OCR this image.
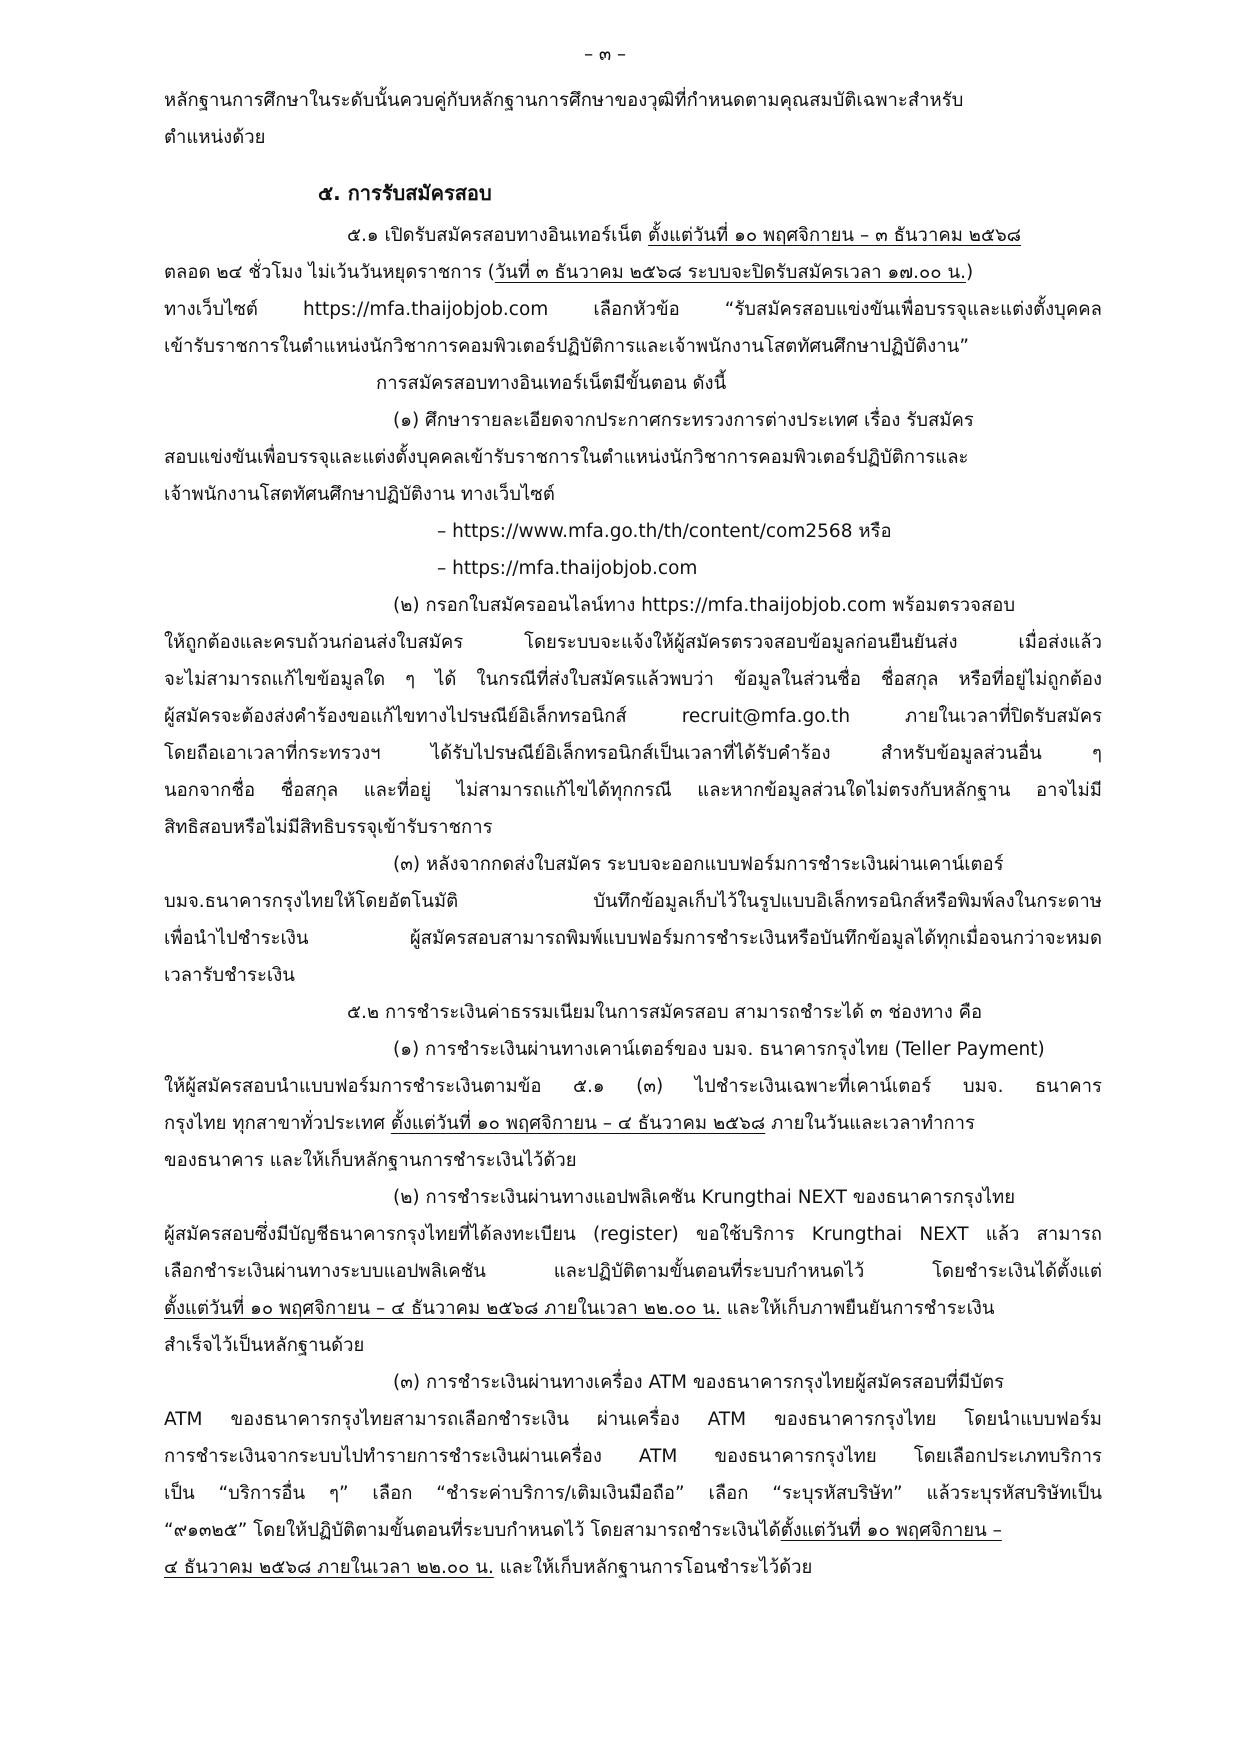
– ๓ –
หลักฐานการศึกษาในระดับนั้นควบคู่กับหลักฐานการศึกษาของวุฒิที่กำหนดตามคุณสมบัติเฉพาะสำหรับ
ตำแหน่งด้วย
๕. การรับสมัครสอบ
๕.๑ เปิดรับสมัครสอบทางอินเทอร์เน็ต ตั้งแต่วันที่ ๑๐ พฤศจิกายน – ๓ ธันวาคม ๒๕๖๘
ตลอด ๒๔ ชั่วโมง ไม่เว้นวันหยุดราชการ (วันที่ ๓ ธันวาคม ๒๕๖๘ ระบบจะปิดรับสมัครเวลา ๑๗.๐๐ น.)
ทางเว็บไซต์ https://mfa.thaijobjob.com เลือกหัวข้อ “รับสมัครสอบแข่งขันเพื่อบรรจุและแต่งตั้งบุคคล
เข้ารับราชการในตำแหน่งนักวิชาการคอมพิวเตอร์ปฏิบัติการและเจ้าพนักงานโสตทัศนศึกษาปฏิบัติงาน”
การสมัครสอบทางอินเทอร์เน็ตมีขั้นตอน ดังนี้
(๑) ศึกษารายละเอียดจากประกาศกระทรวงการต่างประเทศ เรื่อง รับสมัคร
สอบแข่งขันเพื่อบรรจุและแต่งตั้งบุคคลเข้ารับราชการในตำแหน่งนักวิชาการคอมพิวเตอร์ปฏิบัติการและ
เจ้าพนักงานโสตทัศนศึกษาปฏิบัติงาน ทางเว็บไซต์
– https://www.mfa.go.th/th/content/com2568 หรือ
– https://mfa.thaijobjob.com
(๒) กรอกใบสมัครออนไลน์ทาง https://mfa.thaijobjob.com พร้อมตรวจสอบ
ให้ถูกต้องและครบถ้วนก่อนส่งใบสมัคร โดยระบบจะแจ้งให้ผู้สมัครตรวจสอบข้อมูลก่อนยืนยันส่ง เมื่อส่งแล้ว
จะไม่สามารถแก้ไขข้อมูลใด ๆ ได้ ในกรณีที่ส่งใบสมัครแล้วพบว่า ข้อมูลในส่วนชื่อ ชื่อสกุล หรือที่อยู่ไม่ถูกต้อง
ผู้สมัครจะต้องส่งคำร้องขอแก้ไขทางไปรษณีย์อิเล็กทรอนิกส์ recruit@mfa.go.th ภายในเวลาที่ปิดรับสมัคร
โดยถือเอาเวลาที่กระทรวงฯ ได้รับไปรษณีย์อิเล็กทรอนิกส์เป็นเวลาที่ได้รับคำร้อง สำหรับข้อมูลส่วนอื่น ๆ
นอกจากชื่อ ชื่อสกุล และที่อยู่ ไม่สามารถแก้ไขได้ทุกกรณี และหากข้อมูลส่วนใดไม่ตรงกับหลักฐาน อาจไม่มี
สิทธิสอบหรือไม่มีสิทธิบรรจุเข้ารับราชการ
(๓) หลังจากกดส่งใบสมัคร ระบบจะออกแบบฟอร์มการชำระเงินผ่านเคาน์เตอร์
บมจ.ธนาคารกรุงไทยให้โดยอัตโนมัติ บันทึกข้อมูลเก็บไว้ในรูปแบบอิเล็กทรอนิกส์หรือพิมพ์ลงในกระดาษ
เพื่อนำไปชำระเงิน ผู้สมัครสอบสามารถพิมพ์แบบฟอร์มการชำระเงินหรือบันทึกข้อมูลได้ทุกเมื่อจนกว่าจะหมด
เวลารับชำระเงิน
๕.๒ การชำระเงินค่าธรรมเนียมในการสมัครสอบ สามารถชำระได้ ๓ ช่องทาง คือ
(๑) การชำระเงินผ่านทางเคาน์เตอร์ของ บมจ. ธนาคารกรุงไทย (Teller Payment)
ให้ผู้สมัครสอบนำแบบฟอร์มการชำระเงินตามข้อ ๕.๑ (๓) ไปชำระเงินเฉพาะที่เคาน์เตอร์ บมจ. ธนาคาร
กรุงไทย ทุกสาขาทั่วประเทศ ตั้งแต่วันที่ ๑๐ พฤศจิกายน – ๔ ธันวาคม ๒๕๖๘ ภายในวันและเวลาทำการ
ของธนาคาร และให้เก็บหลักฐานการชำระเงินไว้ด้วย
(๒) การชำระเงินผ่านทางแอปพลิเคชัน Krungthai NEXT ของธนาคารกรุงไทย
ผู้สมัครสอบซึ่งมีบัญชีธนาคารกรุงไทยที่ได้ลงทะเบียน (register) ขอใช้บริการ Krungthai NEXT แล้ว สามารถ
เลือกชำระเงินผ่านทางระบบแอปพลิเคชัน และปฏิบัติตามขั้นตอนที่ระบบกำหนดไว้ โดยชำระเงินได้ตั้งแต่
ตั้งแต่วันที่ ๑๐ พฤศจิกายน – ๔ ธันวาคม ๒๕๖๘ ภายในเวลา ๒๒.๐๐ น. และให้เก็บภาพยืนยันการชำระเงิน
สำเร็จไว้เป็นหลักฐานด้วย
(๓) การชำระเงินผ่านทางเครื่อง ATM ของธนาคารกรุงไทยผู้สมัครสอบที่มีบัตร
ATM ของธนาคารกรุงไทยสามารถเลือกชำระเงิน ผ่านเครื่อง ATM ของธนาคารกรุงไทย โดยนำแบบฟอร์ม
การชำระเงินจากระบบไปทำรายการชำระเงินผ่านเครื่อง ATM ของธนาคารกรุงไทย โดยเลือกประเภทบริการ
เป็น “บริการอื่น ๆ” เลือก “ชำระค่าบริการ/เติมเงินมือถือ” เลือก “ระบุรหัสบริษัท” แล้วระบุรหัสบริษัทเป็น
“๙๑๓๒๕” โดยให้ปฏิบัติตามขั้นตอนที่ระบบกำหนดไว้ โดยสามารถชำระเงินได้ตั้งแต่วันที่ ๑๐ พฤศจิกายน –
๔ ธันวาคม ๒๕๖๘ ภายในเวลา ๒๒.๐๐ น. และให้เก็บหลักฐานการโอนชำระไว้ด้วย
